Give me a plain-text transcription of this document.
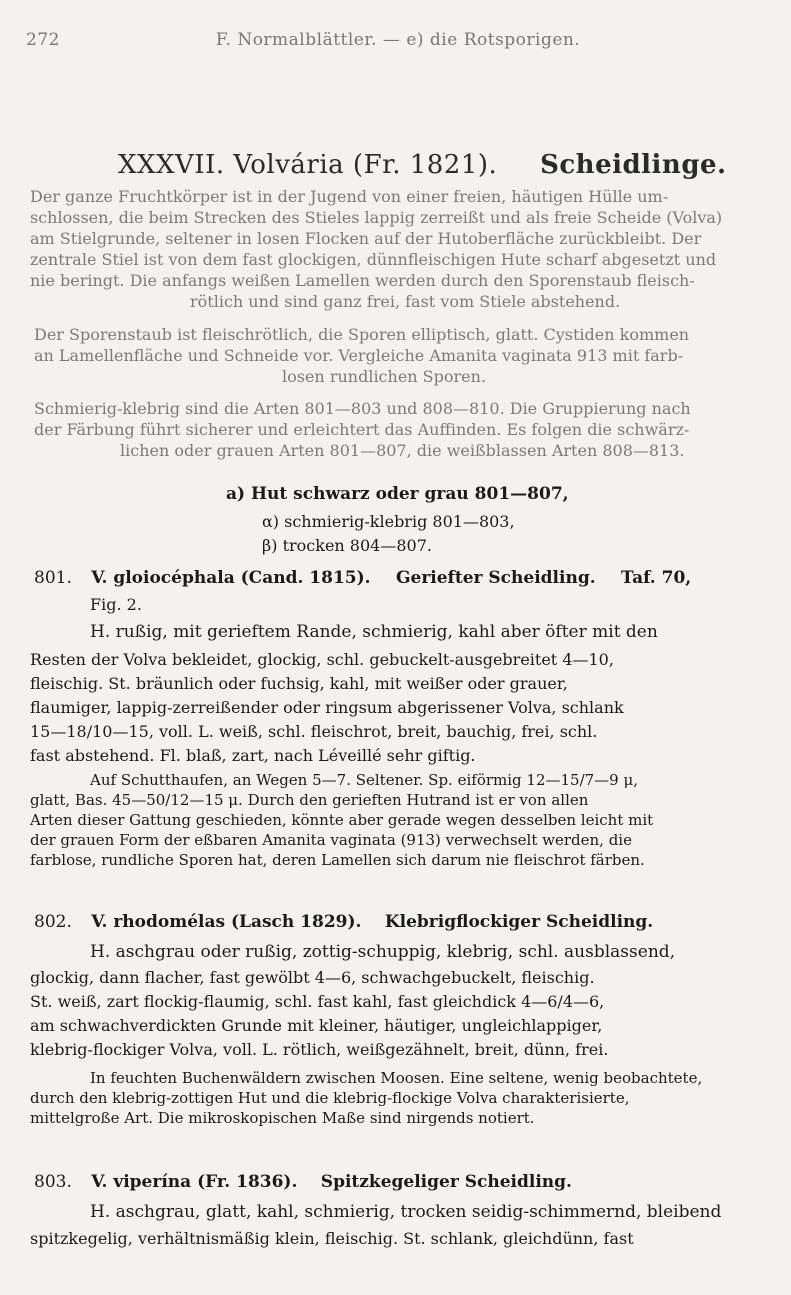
272	F. Normalblättler. — e) die Rotsporigen.
XXXVII. Volvária (Fr. 1821). Scheidlinge.
Der ganze Fruchtkörper ist in der Jugend von einer freien, häutigen Hülle um-
schlossen, die beim Strecken des Stieles lappig zerreißt und als freie Scheide (Volva)
am Stielgrunde, seltener in losen Flocken auf der Hutoberfläche zurückbleibt. Der
zentrale Stiel ist von dem fast glockigen, dünnfleischigen Hute scharf abgesetzt und
nie beringt. Die anfangs weißen Lamellen werden durch den Sporenstaub fleisch-
rötlich und sind ganz frei, fast vom Stiele abstehend.
Der Sporenstaub ist fleischrötlich, die Sporen elliptisch, glatt. Cystiden kommen
an Lamellenfläche und Schneide vor. Vergleiche Amanita vaginata 913 mit farb-
losen rundlichen Sporen.
Schmierig-klebrig sind die Arten 801—803 und 808—810. Die Gruppierung nach
der Färbung führt sicherer und erleichtert das Auffinden. Es folgen die schwärz-
lichen oder grauen Arten 801—807, die weißblassen Arten 808—813.
a) Hut schwarz oder grau 801—807,
α) schmierig-klebrig 801—803,
β) trocken 804—807.
801. V. gloiocéphala (Cand. 1815). Geriefter Scheidling. Taf. 70,
Fig. 2.
H. rußig, mit gerieftem Rande, schmierig, kahl aber öfter mit den
Resten der Volva bekleidet, glockig, schl. gebuckelt-ausgebreitet 4—10,
fleischig. St. bräunlich oder fuchsig, kahl, mit weißer oder grauer,
flaumiger, lappig-zerreißender oder ringsum abgerissener Volva, schlank
15—18/10—15, voll. L. weiß, schl. fleischrot, breit, bauchig, frei, schl.
fast abstehend. Fl. blaß, zart, nach Léveillé sehr giftig.
Auf Schutthaufen, an Wegen 5—7. Seltener. Sp. eiförmig 12—15/7—9 μ,
glatt, Bas. 45—50/12—15 μ. Durch den gerieften Hutrand ist er von allen
Arten dieser Gattung geschieden, könnte aber gerade wegen desselben leicht mit
der grauen Form der eßbaren Amanita vaginata (913) verwechselt werden, die
farblose, rundliche Sporen hat, deren Lamellen sich darum nie fleischrot färben.
802. V. rhodomélas (Lasch 1829). Klebrigflockiger Scheidling.
H. aschgrau oder rußig, zottig-schuppig, klebrig, schl. ausblassend,
glockig, dann flacher, fast gewölbt 4—6, schwachgebuckelt, fleischig.
St. weiß, zart flockig-flaumig, schl. fast kahl, fast gleichdick 4—6/4—6,
am schwachverdickten Grunde mit kleiner, häutiger, ungleichlappiger,
klebrig-flockiger Volva, voll. L. rötlich, weißgezähnelt, breit, dünn, frei.
In feuchten Buchenwäldern zwischen Moosen. Eine seltene, wenig beobachtete,
durch den klebrig-zottigen Hut und die klebrig-flockige Volva charakterisierte,
mittelgroße Art. Die mikroskopischen Maße sind nirgends notiert.
803. V. viperína (Fr. 1836). Spitzkegeliger Scheidling.
H. aschgrau, glatt, kahl, schmierig, trocken seidig-schimmernd, bleibend
spitzkegelig, verhältnismäßig klein, fleischig. St. schlank, gleichdünn, fast
